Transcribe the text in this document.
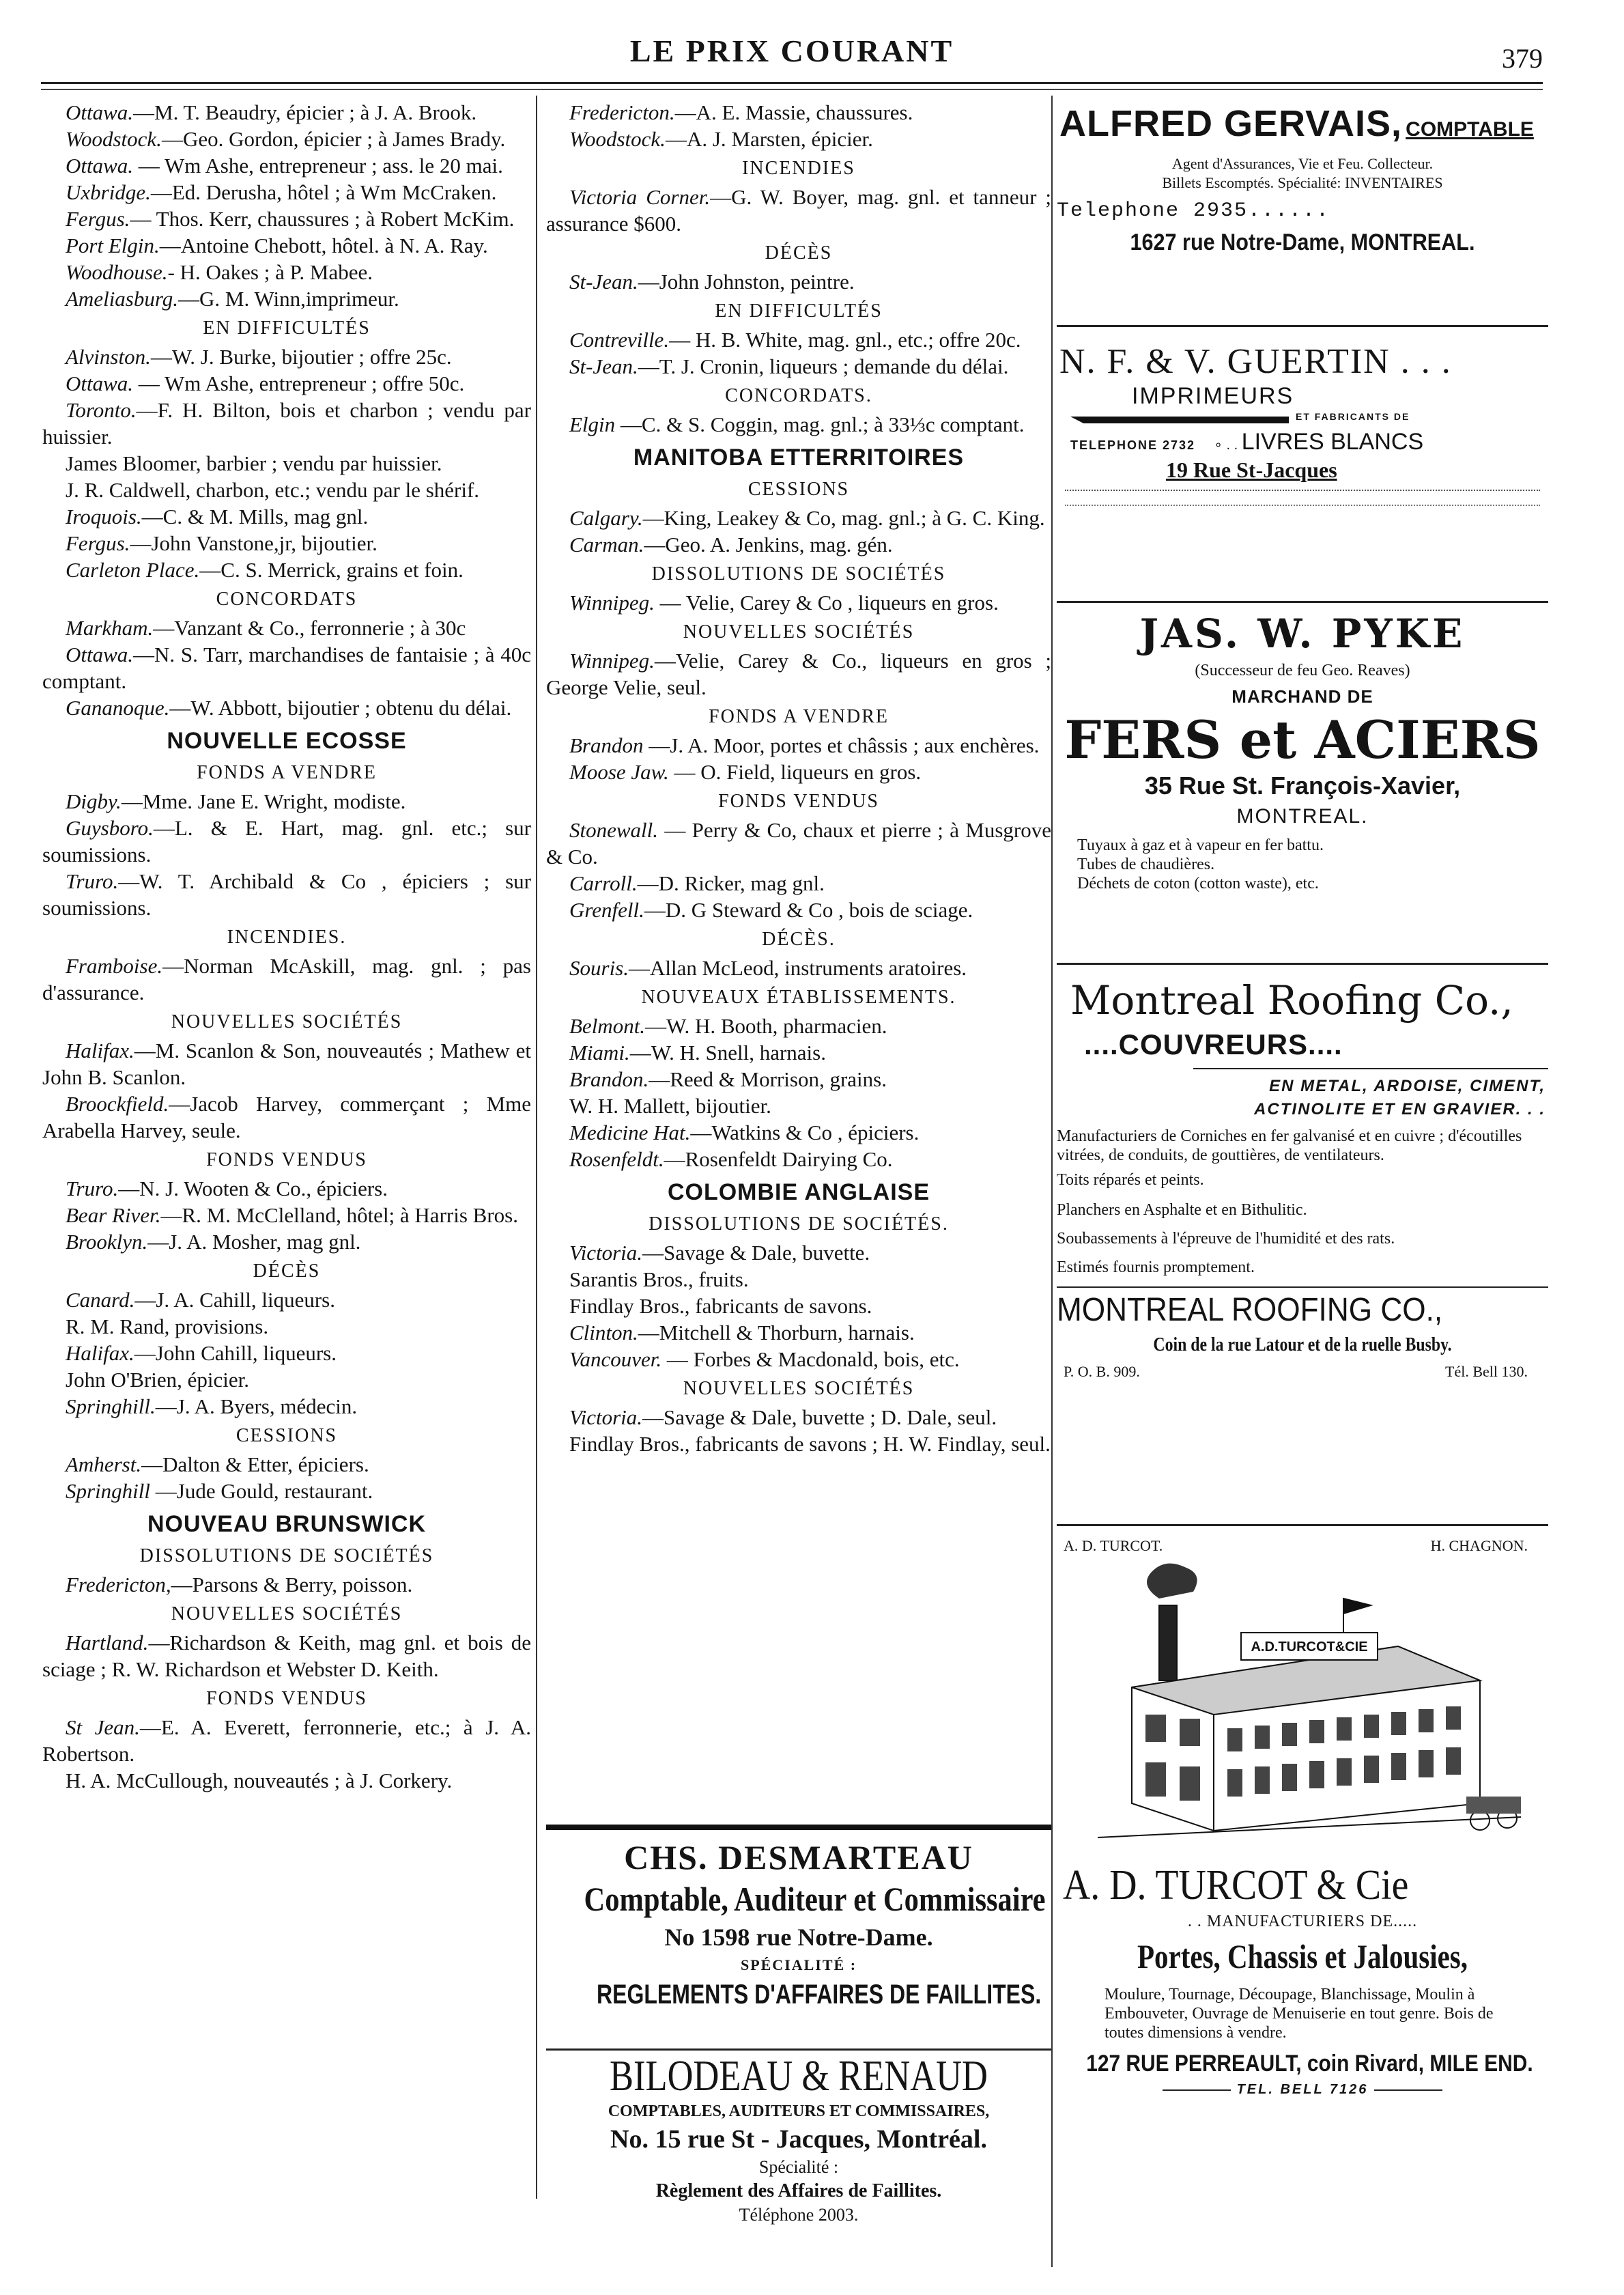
LE PRIX COURANT	379

Ottawa.—M. T. Beaudry, épicier ; à J. A. Brook.

Woodstock.—Geo. Gordon, épicier ; à James Brady.

Ottawa. — Wm Ashe, entrepreneur ; ass. le 20 mai.

Uxbridge.—Ed. Derusha, hôtel ; à Wm McCraken.

Fergus.— Thos. Kerr, chaussures ; à Robert McKim.

Port Elgin.—Antoine Chebott, hôtel. à N. A. Ray.

Woodhouse.- H. Oakes ; à P. Mabee.

Ameliasburg.—G. M. Winn,imprimeur.

EN DIFFICULTÉS

Alvinston.—W. J. Burke, bijoutier ; offre 25c.

Ottawa. — Wm Ashe, entrepreneur ; offre 50c.

Toronto.—F. H. Bilton, bois et charbon ; vendu par huissier.

James Bloomer, barbier ; vendu par huissier.

J. R. Caldwell, charbon, etc.; vendu par le shérif.

Iroquois.—C. & M. Mills, mag gnl.

Fergus.—John Vanstone,jr, bijoutier.

Carleton Place.—C. S. Merrick, grains et foin.

CONCORDATS

Markham.—Vanzant & Co., ferronnerie ; à 30c

Ottawa.—N. S. Tarr, marchandises de fantaisie ; à 40c comptant.

Gananoque.—W. Abbott, bijoutier ; obtenu du délai.

NOUVELLE ECOSSE
FONDS A VENDRE

Digby.—Mme. Jane E. Wright, modiste.

Guysboro.—L. & E. Hart, mag. gnl. etc.; sur soumissions.

Truro.—W. T. Archibald & Co , épiciers ; sur soumissions.

INCENDIES.

Framboise.—Norman McAskill, mag. gnl. ; pas d'assurance.

NOUVELLES SOCIÉTÉS

Halifax.—M. Scanlon & Son, nouveautés ; Mathew et John B. Scanlon.

Broockfield.—Jacob Harvey, commerçant ; Mme Arabella Harvey, seule.

FONDS VENDUS

Truro.—N. J. Wooten & Co., épiciers.

Bear River.—R. M. McClelland, hôtel; à Harris Bros.

Brooklyn.—J. A. Mosher, mag gnl.

DÉCÈS

Canard.—J. A. Cahill, liqueurs.

R. M. Rand, provisions.

Halifax.—John Cahill, liqueurs.

John O'Brien, épicier.

Springhill.—J. A. Byers, médecin.

CESSIONS

Amherst.—Dalton & Etter, épiciers.

Springhill —Jude Gould, restaurant.

NOUVEAU BRUNSWICK
DISSOLUTIONS DE SOCIÉTÉS

Fredericton,—Parsons & Berry, poisson.

NOUVELLES SOCIÉTÉS

Hartland.—Richardson & Keith, mag gnl. et bois de sciage ; R. W. Richardson et Webster D. Keith.

FONDS VENDUS

St Jean.—E. A. Everett, ferronnerie, etc.; à J. A. Robertson.

H. A. McCullough, nouveautés ; à J. Corkery.

Fredericton.—A. E. Massie, chaussures.

Woodstock.—A. J. Marsten, épicier.

INCENDIES

Victoria Corner.—G. W. Boyer, mag. gnl. et tanneur ; assurance $600.

DÉCÈS

St-Jean.—John Johnston, peintre.

EN DIFFICULTÉS

Contreville.— H. B. White, mag. gnl., etc.; offre 20c.

St-Jean.—T. J. Cronin, liqueurs ; demande du délai.

CONCORDATS.

Elgin —C. & S. Coggin, mag. gnl.; à 33⅓c comptant.

MANITOBA ETTERRITOIRES
CESSIONS

Calgary.—King, Leakey & Co, mag. gnl.; à G. C. King.

Carman.—Geo. A. Jenkins, mag. gén.

DISSOLUTIONS DE SOCIÉTÉS

Winnipeg. — Velie, Carey & Co , liqueurs en gros.

NOUVELLES SOCIÉTÉS

Winnipeg.—Velie, Carey & Co., liqueurs en gros ; George Velie, seul.

FONDS A VENDRE

Brandon —J. A. Moor, portes et châssis ; aux enchères.

Moose Jaw. — O. Field, liqueurs en gros.

FONDS VENDUS

Stonewall. — Perry & Co, chaux et pierre ; à Musgrove & Co.

Carroll.—D. Ricker, mag gnl.

Grenfell.—D. G Steward & Co , bois de sciage.

DÉCÈS.

Souris.—Allan McLeod, instruments aratoires.

NOUVEAUX ÉTABLISSEMENTS.

Belmont.—W. H. Booth, pharmacien.

Miami.—W. H. Snell, harnais.

Brandon.—Reed & Morrison, grains.

W. H. Mallett, bijoutier.

Medicine Hat.—Watkins & Co , épiciers.

Rosenfeldt.—Rosenfeldt Dairying Co.

COLOMBIE ANGLAISE
DISSOLUTIONS DE SOCIÉTÉS.

Victoria.—Savage & Dale, buvette.

Sarantis Bros., fruits.

Findlay Bros., fabricants de savons.

Clinton.—Mitchell & Thorburn, harnais.

Vancouver. — Forbes & Macdonald, bois, etc.

NOUVELLES SOCIÉTÉS

Victoria.—Savage & Dale, buvette ; D. Dale, seul.

Findlay Bros., fabricants de savons ; H. W. Findlay, seul.

CHS. DESMARTEAU
Comptable, Auditeur et Commissaire
No 1598 rue Notre-Dame.
SPÉCIALITÉ :
REGLEMENTS D'AFFAIRES DE FAILLITES.
BILODEAU & RENAUD
COMPTABLES, AUDITEURS ET COMMISSAIRES,
No. 15 rue St - Jacques, Montréal.
Spécialité :
Règlement des Affaires de Faillites.
Téléphone 2003.
ALFRED GERVAIS, COMPTABLE
Agent d'Assurances, Vie et Feu. Collecteur.
Billets Escomptés. Spécialité: INVENTAIRES
Telephone 2935......
1627 rue Notre-Dame, MONTREAL.
N. F. & V. GUERTIN . . .
IMPRIMEURS
ET FABRICANTS DE
TELEPHONE 2732     ∘ . . LIVRES BLANCS
19 Rue St-Jacques
JAS. W. PYKE
(Successeur de feu Geo. Reaves)
MARCHAND DE
FERS et ACIERS
35 Rue St. François-Xavier,
MONTREAL.
Tuyaux à gaz et à vapeur en fer battu.
Tubes de chaudières.
Déchets de coton (cotton waste), etc.
Montreal Roofing Co.,
....COUVREURS....
EN METAL, ARDOISE, CIMENT,
ACTINOLITE ET EN GRAVIER. . .
Manufacturiers de Corniches en fer galvanisé et en cuivre ; d'écoutilles vitrées, de conduits, de gouttières, de ventilateurs.
Toits réparés et peints.
Planchers en Asphalte et en Bithulitic.
Soubassements à l'épreuve de l'humidité et des rats.
Estimés fournis promptement.
MONTREAL ROOFING CO.,
Coin de la rue Latour et de la ruelle Busby.
P. O. B. 909.	Tél. Bell 130.
A. D. TURCOT.	H. CHAGNON.
A.D.TURCOT&CIE
A. D. TURCOT & Cie
. . MANUFACTURIERS DE.....
Portes, Chassis et Jalousies,
Moulure, Tournage, Découpage, Blanchissage, Moulin à Embouveter, Ouvrage de Menuiserie en tout genre. Bois de toutes dimensions à vendre.
127 RUE PERREAULT, coin Rivard, MILE END.
TEL. BELL 7126
